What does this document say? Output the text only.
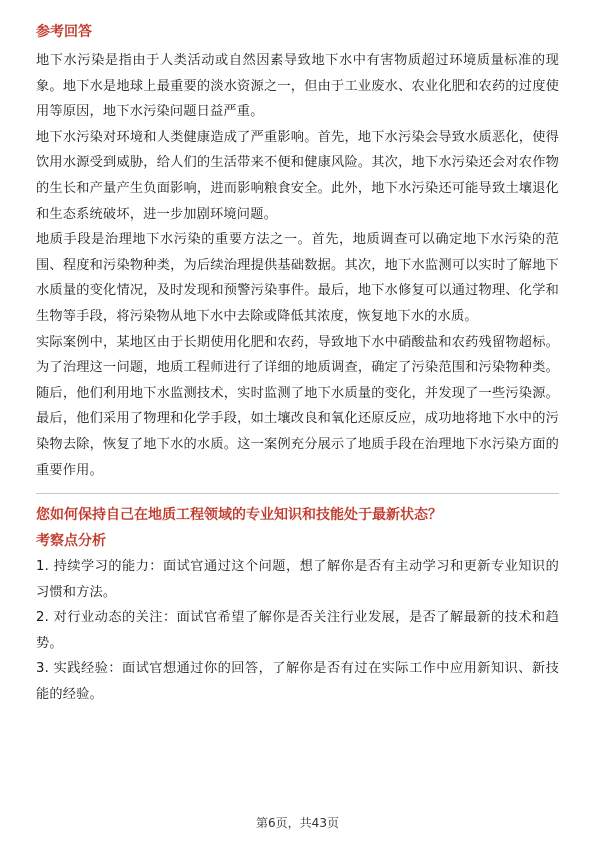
参考回答

地下水污染是指由于人类活动或自然因素导致地下水中有害物质超过环境质量标准的现象。地下水是地球上最重要的淡水资源之一，但由于工业废水、农业化肥和农药的过度使用等原因，地下水污染问题日益严重。

地下水污染对环境和人类健康造成了严重影响。首先，地下水污染会导致水质恶化，使得饮用水源受到威胁，给人们的生活带来不便和健康风险。其次，地下水污染还会对农作物的生长和产量产生负面影响，进而影响粮食安全。此外，地下水污染还可能导致土壤退化和生态系统破坏，进一步加剧环境问题。

地质手段是治理地下水污染的重要方法之一。首先，地质调查可以确定地下水污染的范围、程度和污染物种类，为后续治理提供基础数据。其次，地下水监测可以实时了解地下水质量的变化情况，及时发现和预警污染事件。最后，地下水修复可以通过物理、化学和生物等手段，将污染物从地下水中去除或降低其浓度，恢复地下水的水质。

实际案例中，某地区由于长期使用化肥和农药，导致地下水中硝酸盐和农药残留物超标。为了治理这一问题，地质工程师进行了详细的地质调查，确定了污染范围和污染物种类。随后，他们利用地下水监测技术，实时监测了地下水质量的变化，并发现了一些污染源。最后，他们采用了物理和化学手段，如土壤改良和氧化还原反应，成功地将地下水中的污染物去除，恢复了地下水的水质。这一案例充分展示了地质手段在治理地下水污染方面的重要作用。

您如何保持自己在地质工程领域的专业知识和技能处于最新状态？
考察点分析

1. 持续学习的能力：面试官通过这个问题，想了解你是否有主动学习和更新专业知识的习惯和方法。

2. 对行业动态的关注：面试官希望了解你是否关注行业发展，是否了解最新的技术和趋势。

3. 实践经验：面试官想通过你的回答，了解你是否有过在实际工作中应用新知识、新技能的经验。

第6页，共43页
